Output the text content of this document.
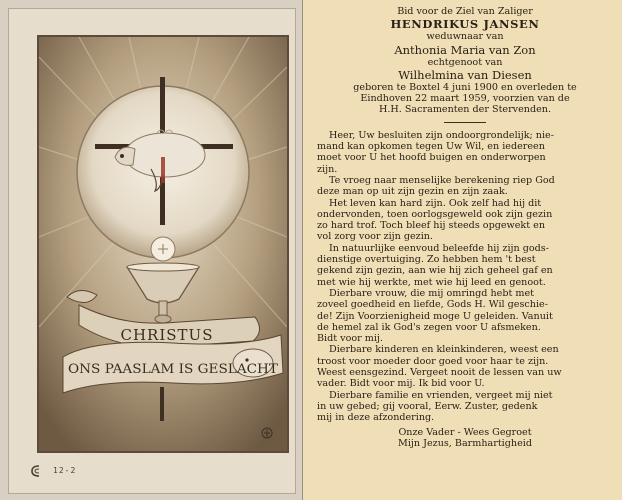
CHRISTUS
ONS PAASLAM IS GESLACHT
12-2
Bid voor de Ziel van Zaliger
HENDRIKUS JANSEN
weduwnaar van
Anthonia Maria van Zon
echtgenoot van
Wilhelmina van Diesen
geboren te Boxtel 4 juni 1900 en overleden te
Eindhoven 22 maart 1959, voorzien van de
H.H. Sacramenten der Stervenden.
Heer, Uw besluiten zijn ondoorgrondelijk; nie-
mand kan opkomen tegen Uw Wil, en iedereen
moet voor U het hoofd buigen en onderworpen
zijn.
Te vroeg naar menselijke berekening riep God
deze man op uit zijn gezin en zijn zaak.
Het leven kan hard zijn. Ook zelf had hij dit
ondervonden, toen oorlogsgeweld ook zijn gezin
zo hard trof. Toch bleef hij steeds opgewekt en
vol zorg voor zijn gezin.
In natuurlijke eenvoud beleefde hij zijn gods-
dienstige overtuiging. Zo hebben hem 't best
gekend zijn gezin, aan wie hij zich geheel gaf en
met wie hij werkte, met wie hij leed en genoot.
Dierbare vrouw, die mij omringd hebt met
zoveel goedheid en liefde, Gods H. Wil geschie-
de! Zijn Voorzienigheid moge U geleiden. Vanuit
de hemel zal ik God's zegen voor U afsmeken.
Bidt voor mij.
Dierbare kinderen en kleinkinderen, weest een
troost voor moeder door goed voor haar te zijn.
Weest eensgezind. Vergeet nooit de lessen van uw
vader. Bidt voor mij. Ik bid voor U.
Dierbare familie en vrienden, vergeet mij niet
in uw gebed; gij vooral, Eerw. Zuster, gedenk
mij in deze afzondering.
Onze Vader - Wees Gegroet
Mijn Jezus, Barmhartigheid
